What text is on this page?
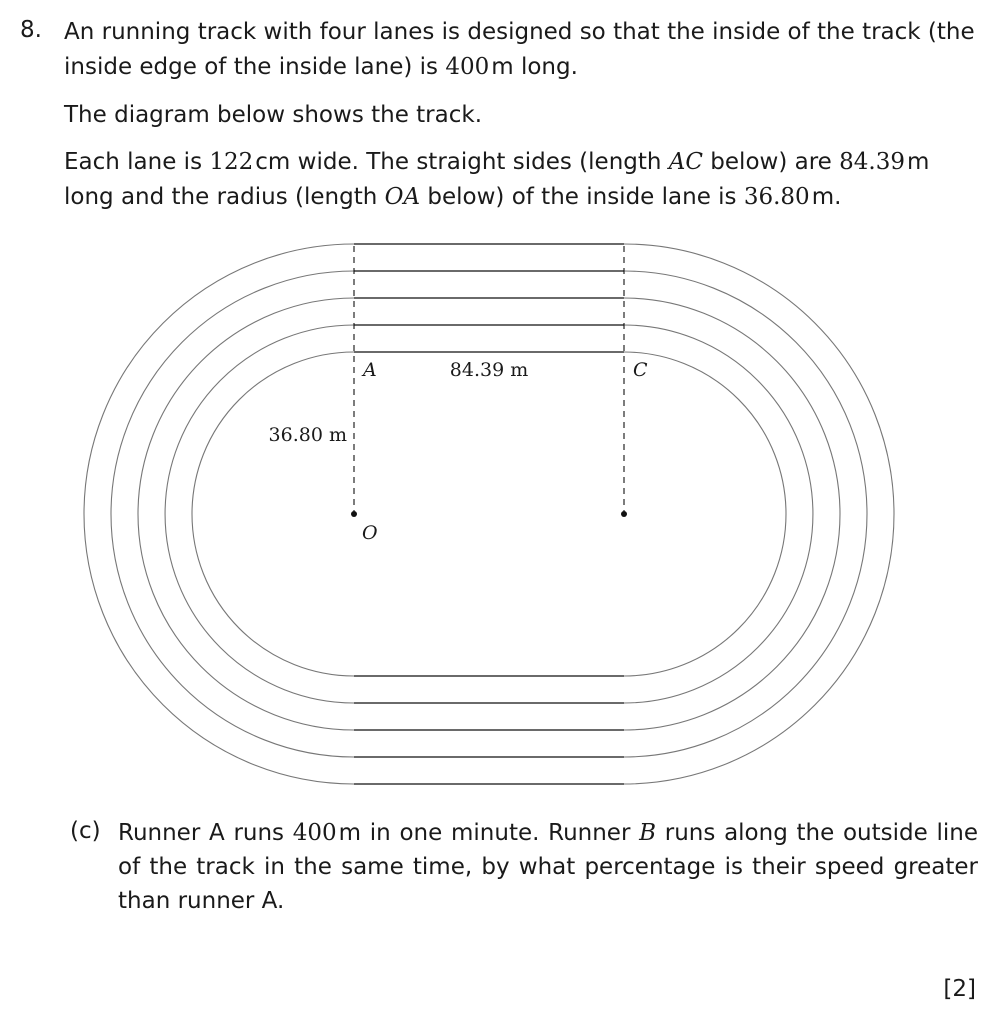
8. An running track with four lanes is designed so that the inside of the track (the inside edge of the inside lane) is 400m long.

The diagram below shows the track.

Each lane is 122cm wide. The straight sides (length AC below) are 84.39m long and the radius (length OA below) of the inside lane is 36.80m.

A	C
O
84.39 m
36.80 m
(c) Runner A runs 400m in one minute. Runner B runs along the outside line of the track in the same time, by what percentage is their speed greater than runner A.

[2]
